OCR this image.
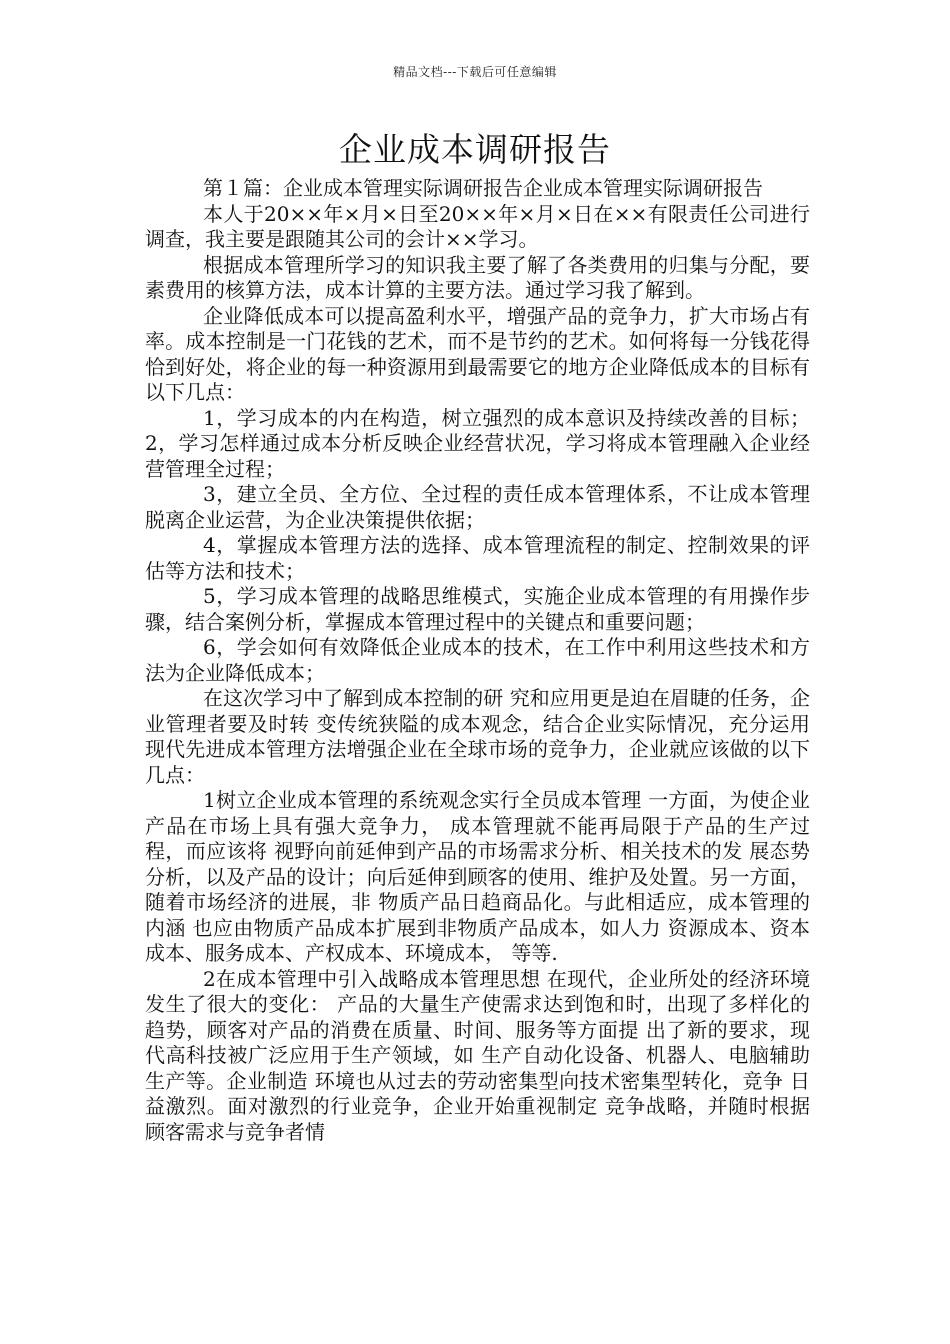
精品文档---下载后可任意编辑
企业成本调研报告

第１篇：企业成本管理实际调研报告企业成本管理实际调研报告

本人于20××年×月×日至20××年×月×日在××有限责任公司进行调查，我主要是跟随其公司的会计××学习。

根据成本管理所学习的知识我主要了解了各类费用的归集与分配，要素费用的核算方法，成本计算的主要方法。通过学习我了解到。

企业降低成本可以提高盈利水平，增强产品的竞争力，扩大市场占有率。成本控制是一门花钱的艺术，而不是节约的艺术。如何将每一分钱花得恰到好处，将企业的每一种资源用到最需要它的地方企业降低成本的目标有以下几点：

1，学习成本的内在构造，树立强烈的成本意识及持续改善的目标；2，学习怎样通过成本分析反映企业经营状况，学习将成本管理融入企业经营管理全过程；

3，建立全员、全方位、全过程的责任成本管理体系，不让成本管理脱离企业运营，为企业决策提供依据；

4，掌握成本管理方法的选择、成本管理流程的制定、控制效果的评估等方法和技术；

5，学习成本管理的战略思维模式，实施企业成本管理的有用操作步骤，结合案例分析，掌握成本管理过程中的关键点和重要问题；

6，学会如何有效降低企业成本的技术，在工作中利用这些技术和方法为企业降低成本；

在这次学习中了解到成本控制的研 究和应用更是迫在眉睫的任务，企业管理者要及时转 变传统狭隘的成本观念，结合企业实际情况，充分运用 现代先进成本管理方法增强企业在全球市场的竞争力，企业就应该做的以下几点：

1树立企业成本管理的系统观念实行全员成本管理 一方面，为使企业产品在市场上具有强大竞争力， 成本管理就不能再局限于产品的生产过程，而应该将 视野向前延伸到产品的市场需求分析、相关技术的发 展态势分析，以及产品的设计；向后延伸到顾客的使用、维护及处置。另一方面，随着市场经济的进展，非 物质产品日趋商品化。与此相适应，成本管理的内涵 也应由物质产品成本扩展到非物质产品成本，如人力 资源成本、资本成本、服务成本、产权成本、环境成本， 等等.

2在成本管理中引入战略成本管理思想 在现代，企业所处的经济环境发生了很大的变化： 产品的大量生产使需求达到饱和时，出现了多样化的 趋势，顾客对产品的消费在质量、时间、服务等方面提 出了新的要求，现代高科技被广泛应用于生产领域，如 生产自动化设备、机器人、电脑辅助生产等。企业制造 环境也从过去的劳动密集型向技术密集型转化，竞争 日益激烈。面对激烈的行业竞争，企业开始重视制定 竞争战略，并随时根据顾客需求与竞争者情
